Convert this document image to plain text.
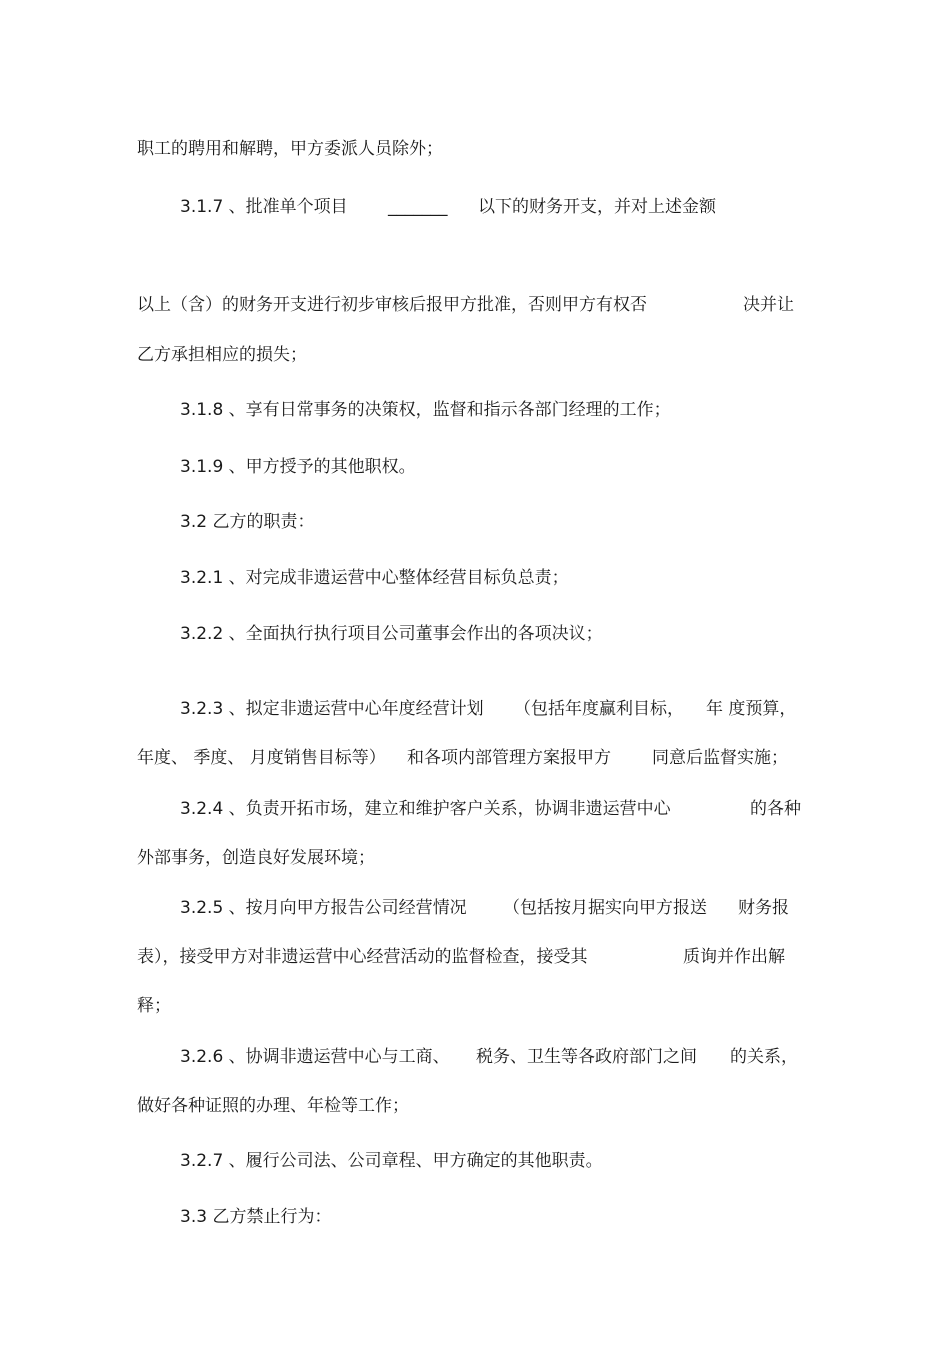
职工的聘用和解聘，甲方委派人员除外；
3.1.7 、批准单个项目 _______ 以下的财务开支，并对上述金额
以上（含）的财务开支进行初步审核后报甲方批准，否则甲方有权否	决并让
乙方承担相应的损失；
3.1.8 、享有日常事务的决策权，监督和指示各部门经理的工作；
3.1.9 、甲方授予的其他职权。
3.2 乙方的职责：
3.2.1 、对完成非遗运营中心整体经营目标负总责；
3.2.2 、全面执行执行项目公司董事会作出的各项决议；
3.2.3 、拟定非遗运营中心年度经营计划 （包括年度赢利目标， 年 度预算，
年度、 季度、 月度销售目标等） 和各项内部管理方案报甲方 同意后监督实施；
3.2.4 、负责开拓市场，建立和维护客户关系，协调非遗运营中心	的各种
外部事务，创造良好发展环境；
3.2.5 、按月向甲方报告公司经营情况 （包括按月据实向甲方报送 财务报
表），接受甲方对非遗运营中心经营活动的监督检查，接受其	质询并作出解
释；
3.2.6 、协调非遗运营中心与工商、 税务、卫生等各政府部门之间 的关系，
做好各种证照的办理、年检等工作；
3.2.7 、履行公司法、公司章程、甲方确定的其他职责。
3.3 乙方禁止行为：
